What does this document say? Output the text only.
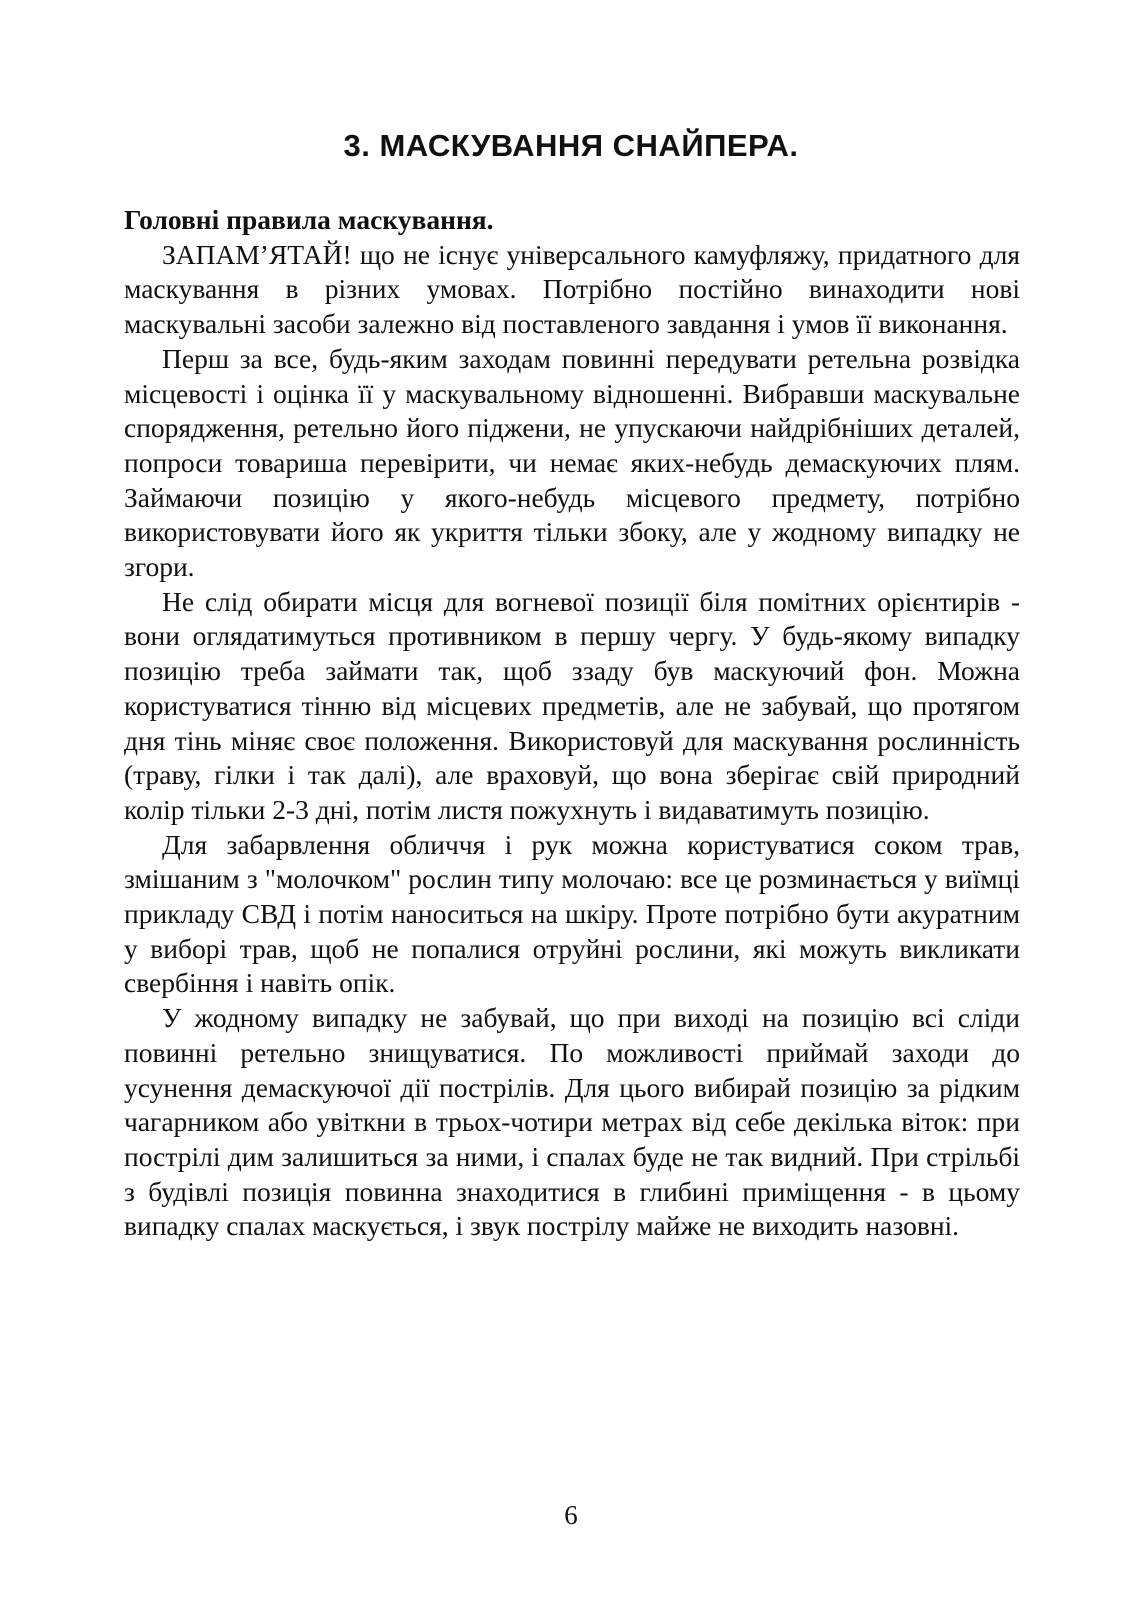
3. МАСКУВАННЯ СНАЙПЕРА.

Головні правила маскування.

ЗАПАМ’ЯТАЙ! що не існує універсального камуфляжу, придатного для маскування в різних умовах. Потрібно постійно винаходити нові маскувальні засоби залежно від поставленого завдання і умов її виконання.

Перш за все, будь-яким заходам повинні передувати ретельна розвідка місцевості і оцінка її у маскувальному відношенні. Вибравши маскувальне спорядження, ретельно його піджени, не упускаючи найдрібніших деталей, попроси товариша перевірити, чи немає яких-небудь демаскуючих плям. Займаючи позицію у якого-небудь місцевого предмету, потрібно використовувати його як укриття тільки збоку, але у жодному випадку не згори.

Не слід обирати місця для вогневої позиції біля помітних орієнтирів - вони оглядатимуться противником в першу чергу. У будь-якому випадку позицію треба займати так, щоб ззаду був маскуючий фон. Можна користуватися тінню від місцевих предметів, але не забувай, що протягом дня тінь міняє своє положення. Використовуй для маскування рослинність (траву, гілки і так далі), але враховуй, що вона зберігає свій природний колір тільки 2-3 дні, потім листя пожухнуть і видаватимуть позицію.

Для забарвлення обличчя і рук можна користуватися соком трав, змішаним з "молочком" рослин типу молочаю: все це розминається у виїмці прикладу СВД і потім наноситься на шкіру. Проте потрібно бути акуратним у виборі трав, щоб не попалися отруйні рослини, які можуть викликати свербіння і навіть опік.

У жодному випадку не забувай, що при виході на позицію всі сліди повинні ретельно знищуватися. По можливості приймай заходи до усунення демаскуючої дії пострілів. Для цього вибирай позицію за рідким чагарником або увіткни в трьох-чотири метрах від себе декілька віток: при пострілі дим залишиться за ними, і спалах буде не так видний. При стрільбі з будівлі позиція повинна знаходитися в глибині приміщення - в цьому випадку спалах маскується, і звук пострілу майже не виходить назовні.

6
